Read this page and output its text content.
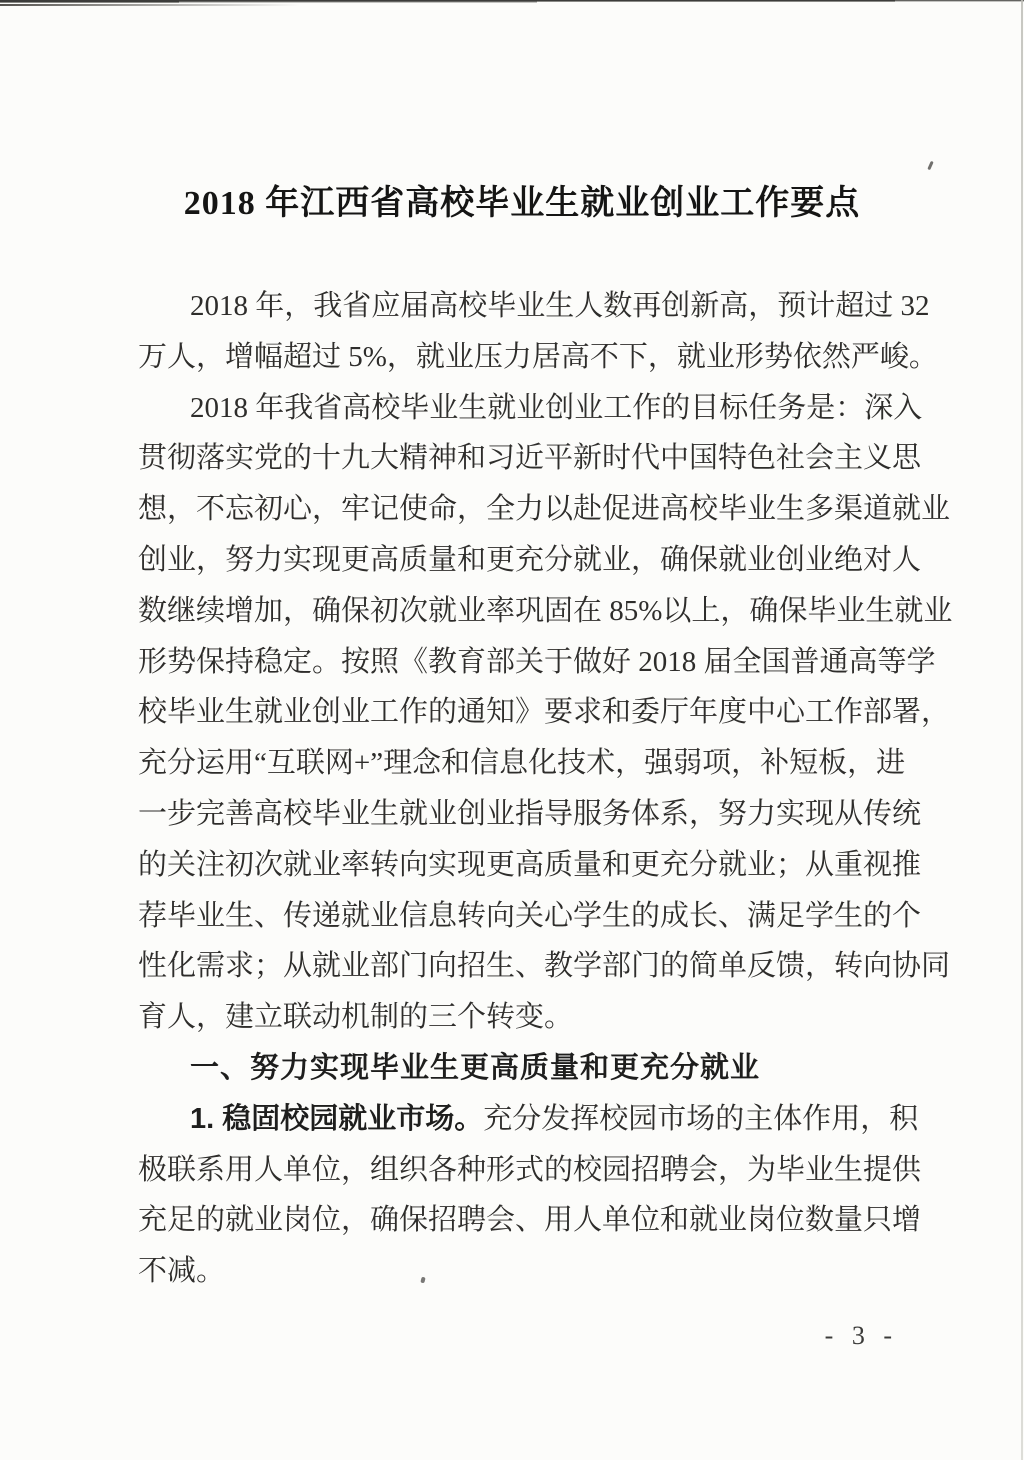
2018 年江西省高校毕业生就业创业工作要点
2018 年，我省应届高校毕业生人数再创新高，预计超过 32
万人，增幅超过 5%，就业压力居高不下，就业形势依然严峻。
2018 年我省高校毕业生就业创业工作的目标任务是：深入
贯彻落实党的十九大精神和习近平新时代中国特色社会主义思
想，不忘初心，牢记使命，全力以赴促进高校毕业生多渠道就业
创业，努力实现更高质量和更充分就业，确保就业创业绝对人
数继续增加，确保初次就业率巩固在 85%以上，确保毕业生就业
形势保持稳定。按照《教育部关于做好 2018 届全国普通高等学
校毕业生就业创业工作的通知》要求和委厅年度中心工作部署，
充分运用“互联网+”理念和信息化技术，强弱项，补短板，进
一步完善高校毕业生就业创业指导服务体系，努力实现从传统
的关注初次就业率转向实现更高质量和更充分就业；从重视推
荐毕业生、传递就业信息转向关心学生的成长、满足学生的个
性化需求；从就业部门向招生、教学部门的简单反馈，转向协同
育人，建立联动机制的三个转变。
一、努力实现毕业生更高质量和更充分就业
1. 稳固校园就业市场。充分发挥校园市场的主体作用，积
极联系用人单位，组织各种形式的校园招聘会，为毕业生提供
充足的就业岗位，确保招聘会、用人单位和就业岗位数量只增
不减。
- 3 -
